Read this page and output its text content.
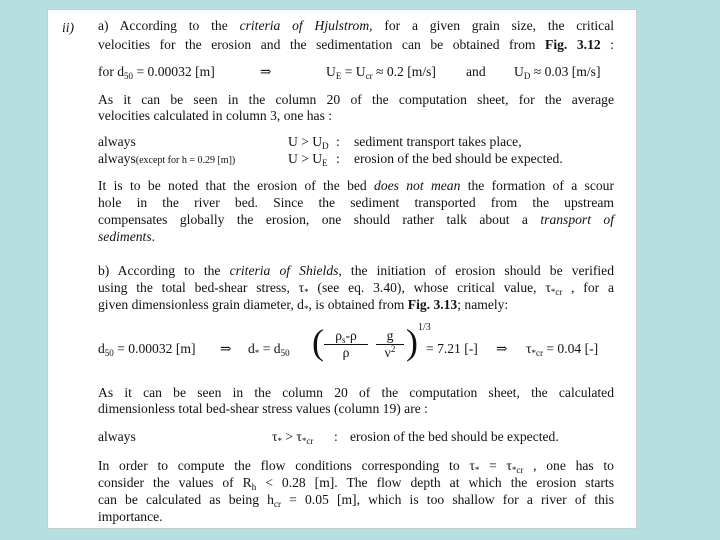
ii) a) According to the criteria of Hjulstrom, for a given grain size, the critical
velocities for the erosion and the sedimentation can be obtained from Fig. 3.12 :
for $d_{50} = 0.00032$ [m]	⇒	$U_E = U_{cr} \approx 0.2$ [m/s] and $U_D \approx 0.03$ [m/s]
As it can be seen in the column 20 of the computation sheet, for the average
velocities calculated in column 3, one has :
always	$U > U_D$ : sediment transport takes place,
always(except for h = 0.29 [m])	$U > U_E$ : erosion of the bed should be expected.
It is to be noted that the erosion of the bed does not mean the formation of a scour
hole in the river bed. Since the sediment transported from the upstream
compensates globally the erosion, one should rather talk about a transport of
sediments.
b) According to the criteria of Shields, the initiation of erosion should be verified
using the total bed-shear stress, $\tau_*$ (see eq. 3.40), whose critical value, $\tau_{*cr}$ , for a
given dimensionless grain diameter, $d_*$, is obtained from Fig. 3.13; namely:
$d_{50} = 0.00032$ [m] ⇒ $d_* = d_{50}$ ( $\frac{\rho_s-\rho}{\rho} \frac{g}{\nu^2}$ ) 1/3
= 7.21 [-] ⇒ $\tau_{*cr} = 0.04$ [-]
As it can be seen in the column 20 of the computation sheet, the calculated
dimensionless total bed-shear stress values (column 19) are :
always	$\tau_* > \tau_{*cr}$ : erosion of the bed should be expected.
In order to compute the flow conditions corresponding to $\tau_* = \tau_{*cr}$ , one has to
consider the values of $R_h < 0.28$ [m]. The flow depth at which the erosion starts
can be calculated as being $h_{cr} = 0.05$ [m], which is too shallow for a river of this
importance.
